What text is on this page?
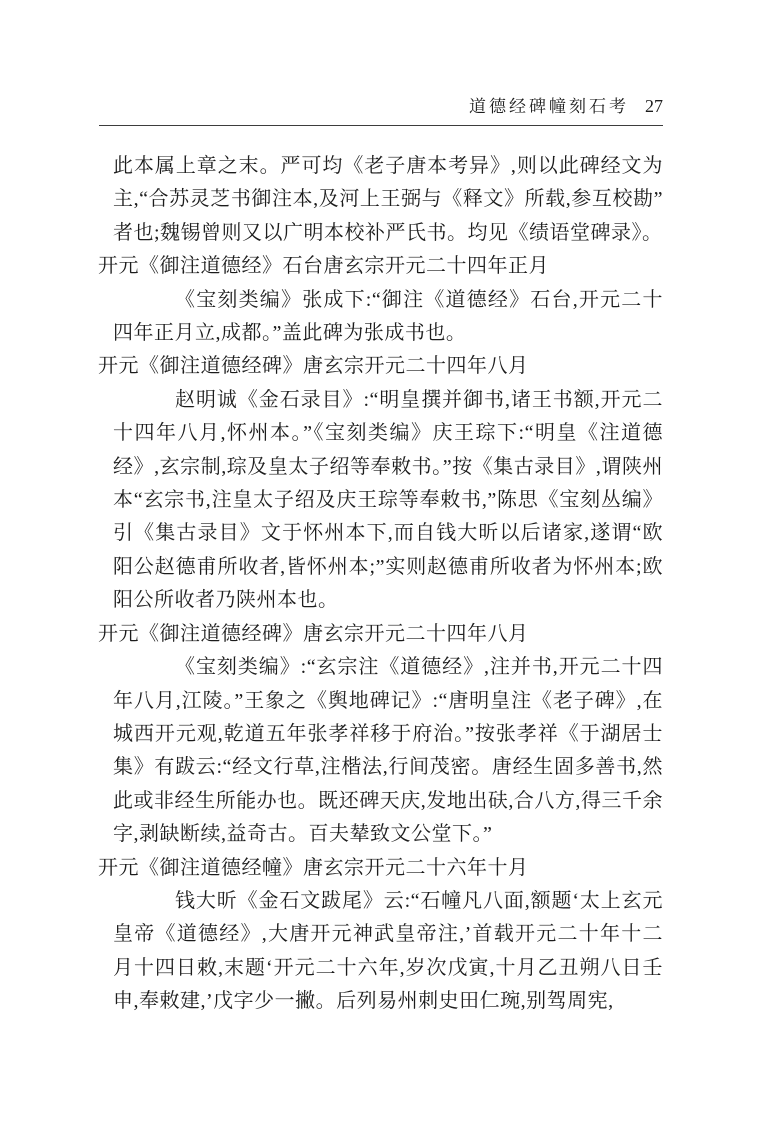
道德经碑幢刻石考 27

此本属上章之末。严可均《老子唐本考异》,则以此碑经文为主,“合苏灵芝书御注本,及河上王弼与《释文》所载,参互校勘”者也;魏锡曾则又以广明本校补严氏书。均见《绩语堂碑录》。

开元《御注道德经》石台唐玄宗开元二十四年正月

《宝刻类编》张成下:“御注《道德经》石台,开元二十四年正月立,成都。”盖此碑为张成书也。

开元《御注道德经碑》唐玄宗开元二十四年八月

赵明诚《金石录目》:“明皇撰并御书,诸王书额,开元二十四年八月,怀州本。”《宝刻类编》庆王琮下:“明皇《注道德经》,玄宗制,琮及皇太子绍等奉敕书。”按《集古录目》,谓陕州本“玄宗书,注皇太子绍及庆王琮等奉敕书,”陈思《宝刻丛编》引《集古录目》文于怀州本下,而自钱大昕以后诸家,遂谓“欧阳公赵德甫所收者,皆怀州本;”实则赵德甫所收者为怀州本;欧阳公所收者乃陕州本也。

开元《御注道德经碑》唐玄宗开元二十四年八月

《宝刻类编》:“玄宗注《道德经》,注并书,开元二十四年八月,江陵。”王象之《舆地碑记》:“唐明皇注《老子碑》,在城西开元观,乾道五年张孝祥移于府治。”按张孝祥《于湖居士集》有跋云:“经文行草,注楷法,行间茂密。唐经生固多善书,然此或非经生所能办也。既还碑天庆,发地出砆,合八方,得三千余字,剥缺断续,益奇古。百夫辇致文公堂下。”

开元《御注道德经幢》唐玄宗开元二十六年十月

钱大昕《金石文跋尾》云:“石幢凡八面,额题‘太上玄元皇帝《道德经》,大唐开元神武皇帝注,’首载开元二十年十二月十四日敕,末题‘开元二十六年,岁次戊寅,十月乙丑朔八日壬申,奉敕建,’戊字少一撇。后列易州刺史田仁琬,别驾周宪,
